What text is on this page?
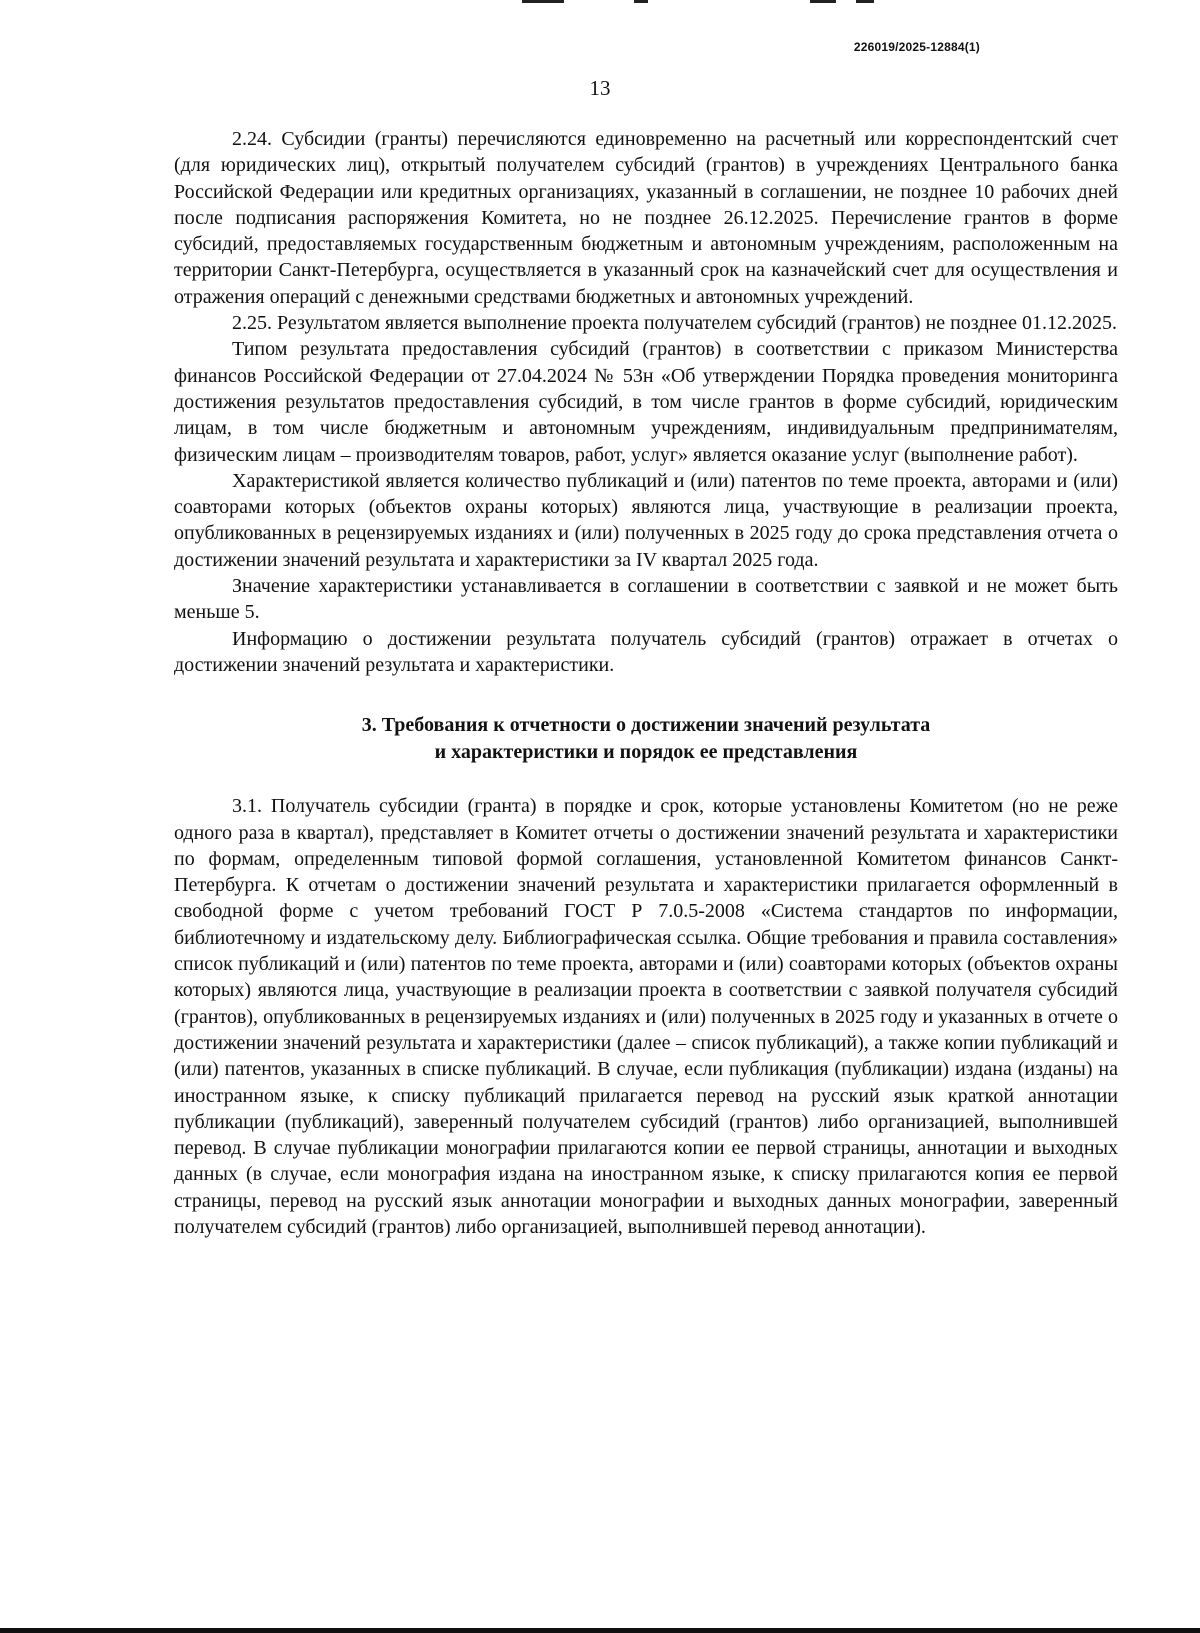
226019/2025-12884(1)
13

2.24. Субсидии (гранты) перечисляются единовременно на расчетный или корреспондентский счет (для юридических лиц), открытый получателем субсидий (грантов) в учреждениях Центрального банка Российской Федерации или кредитных организациях, указанный в соглашении, не позднее 10 рабочих дней после подписания распоряжения Комитета, но не позднее 26.12.2025. Перечисление грантов в форме субсидий, предоставляемых государственным бюджетным и автономным учреждениям, расположенным на территории Санкт-Петербурга, осуществляется в указанный срок на казначейский счет для осуществления и отражения операций с денежными средствами бюджетных и автономных учреждений.

2.25. Результатом является выполнение проекта получателем субсидий (грантов) не позднее 01.12.2025.

Типом результата предоставления субсидий (грантов) в соответствии с приказом Министерства финансов Российской Федерации от 27.04.2024 № 53н «Об утверждении Порядка проведения мониторинга достижения результатов предоставления субсидий, в том числе грантов в форме субсидий, юридическим лицам, в том числе бюджетным и автономным учреждениям, индивидуальным предпринимателям, физическим лицам – производителям товаров, работ, услуг» является оказание услуг (выполнение работ).

Характеристикой является количество публикаций и (или) патентов по теме проекта, авторами и (или) соавторами которых (объектов охраны которых) являются лица, участвующие в реализации проекта, опубликованных в рецензируемых изданиях и (или) полученных в 2025 году до срока представления отчета о достижении значений результата и характеристики за IV квартал 2025 года.

Значение характеристики устанавливается в соглашении в соответствии с заявкой и не может быть меньше 5.

Информацию о достижении результата получатель субсидий (грантов) отражает в отчетах о достижении значений результата и характеристики.

3. Требования к отчетности о достижении значений результата
и характеристики и порядок ее представления

3.1. Получатель субсидии (гранта) в порядке и срок, которые установлены Комитетом (но не реже одного раза в квартал), представляет в Комитет отчеты о достижении значений результата и характеристики по формам, определенным типовой формой соглашения, установленной Комитетом финансов Санкт-Петербурга. К отчетам о достижении значений результата и характеристики прилагается оформленный в свободной форме с учетом требований ГОСТ Р 7.0.5-2008 «Система стандартов по информации, библиотечному и издательскому делу. Библиографическая ссылка. Общие требования и правила составления» список публикаций и (или) патентов по теме проекта, авторами и (или) соавторами которых (объектов охраны которых) являются лица, участвующие в реализации проекта в соответствии с заявкой получателя субсидий (грантов), опубликованных в рецензируемых изданиях и (или) полученных в 2025 году и указанных в отчете о достижении значений результата и характеристики (далее – список публикаций), а также копии публикаций и (или) патентов, указанных в списке публикаций. В случае, если публикация (публикации) издана (изданы) на иностранном языке, к списку публикаций прилагается перевод на русский язык краткой аннотации публикации (публикаций), заверенный получателем субсидий (грантов) либо организацией, выполнившей перевод. В случае публикации монографии прилагаются копии ее первой страницы, аннотации и выходных данных (в случае, если монография издана на иностранном языке, к списку прилагаются копия ее первой страницы, перевод на русский язык аннотации монографии и выходных данных монографии, заверенный получателем субсидий (грантов) либо организацией, выполнившей перевод аннотации).
